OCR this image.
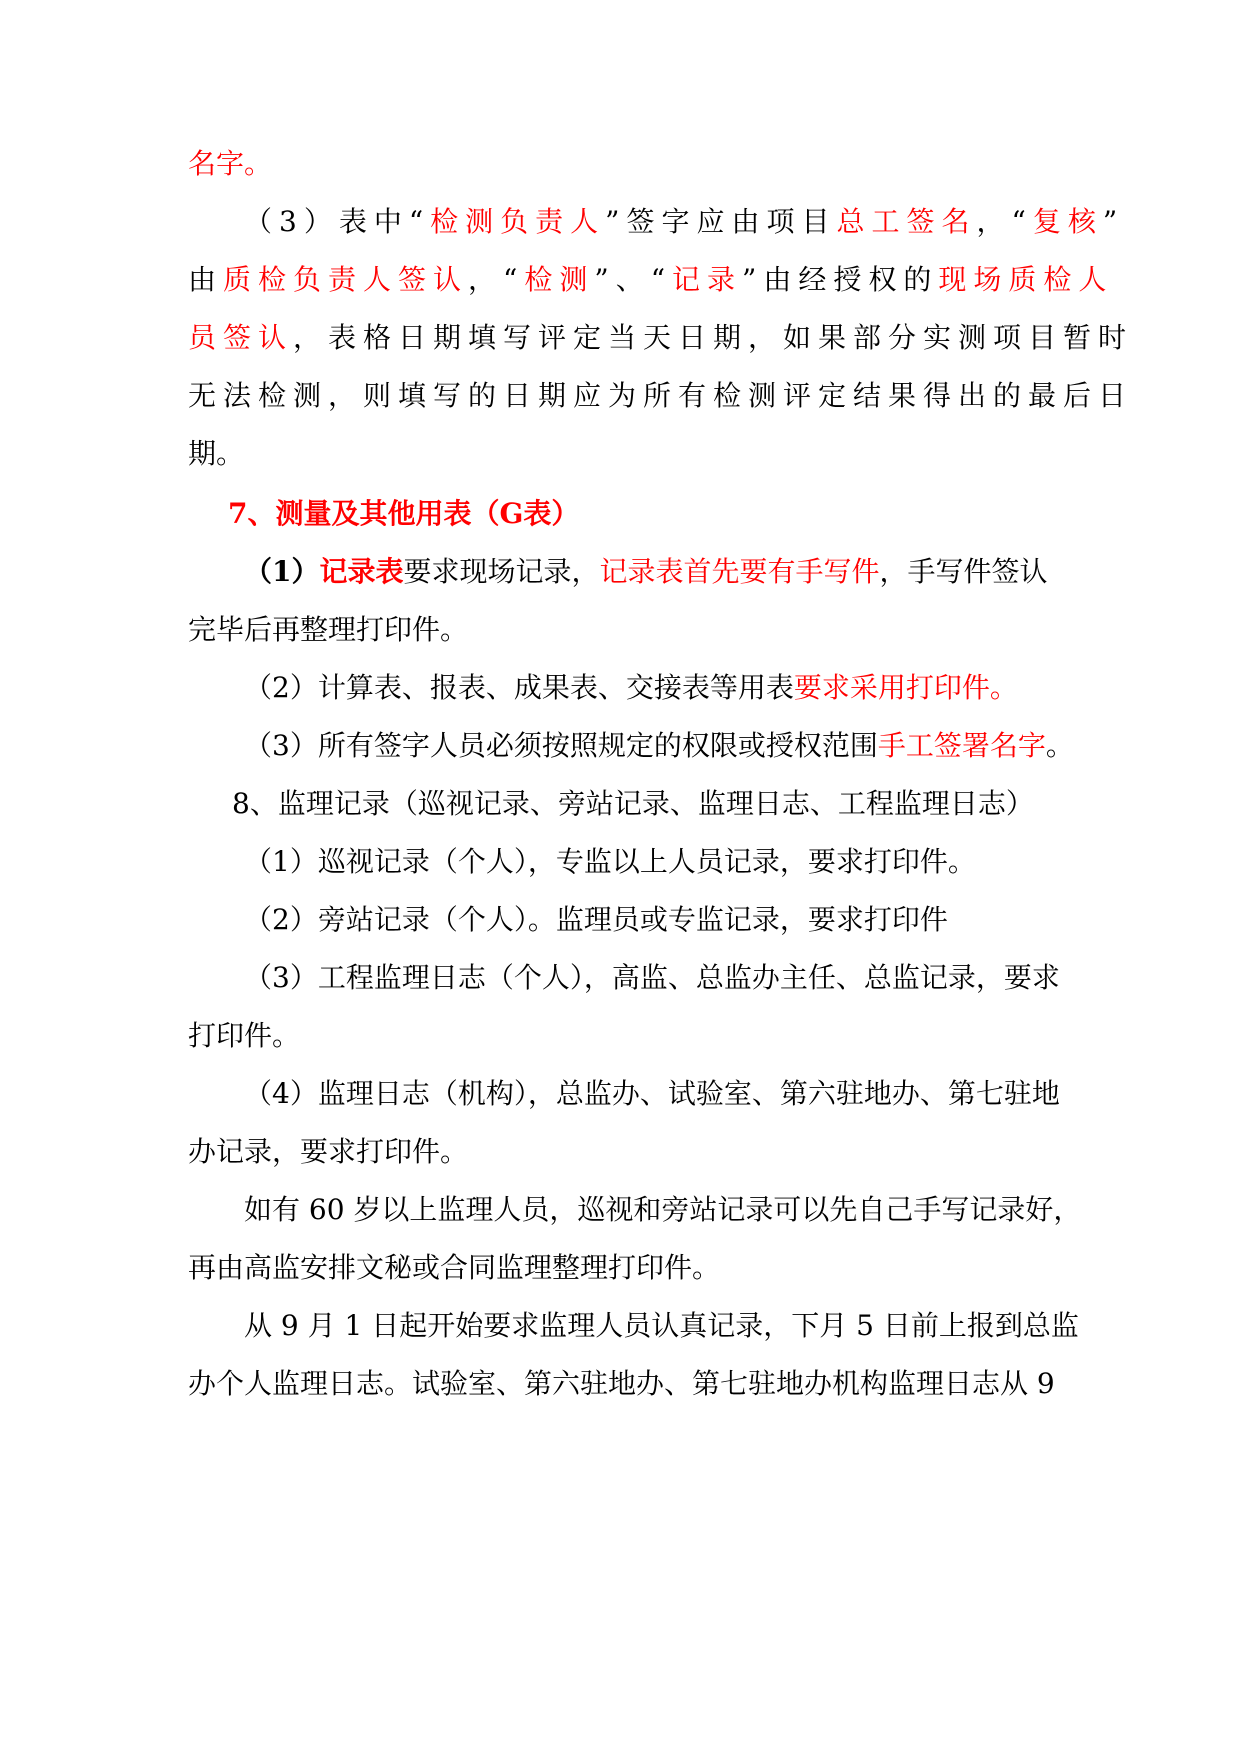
名字。
（3）表中“检测负责人”签字应由项目总工签名，“复核”
由质检负责人签认，“检测”、“记录”由经授权的现场质检人
员签认，表格日期填写评定当天日期，如果部分实测项目暂时
无法检测，则填写的日期应为所有检测评定结果得出的最后日
期。
7、测量及其他用表（G表）
（1）记录表要求现场记录，记录表首先要有手写件，手写件签认
完毕后再整理打印件。
（2）计算表、报表、成果表、交接表等用表要求采用打印件。
（3）所有签字人员必须按照规定的权限或授权范围手工签署名字。
8、监理记录（巡视记录、旁站记录、监理日志、工程监理日志）
（1）巡视记录（个人），专监以上人员记录，要求打印件。
（2）旁站记录（个人）。监理员或专监记录，要求打印件
（3）工程监理日志（个人），高监、总监办主任、总监记录，要求
打印件。
（4）监理日志（机构），总监办、试验室、第六驻地办、第七驻地
办记录，要求打印件。
如有 60 岁以上监理人员，巡视和旁站记录可以先自己手写记录好，
再由高监安排文秘或合同监理整理打印件。
从 9 月 1 日起开始要求监理人员认真记录，下月 5 日前上报到总监
办个人监理日志。试验室、第六驻地办、第七驻地办机构监理日志从 9
